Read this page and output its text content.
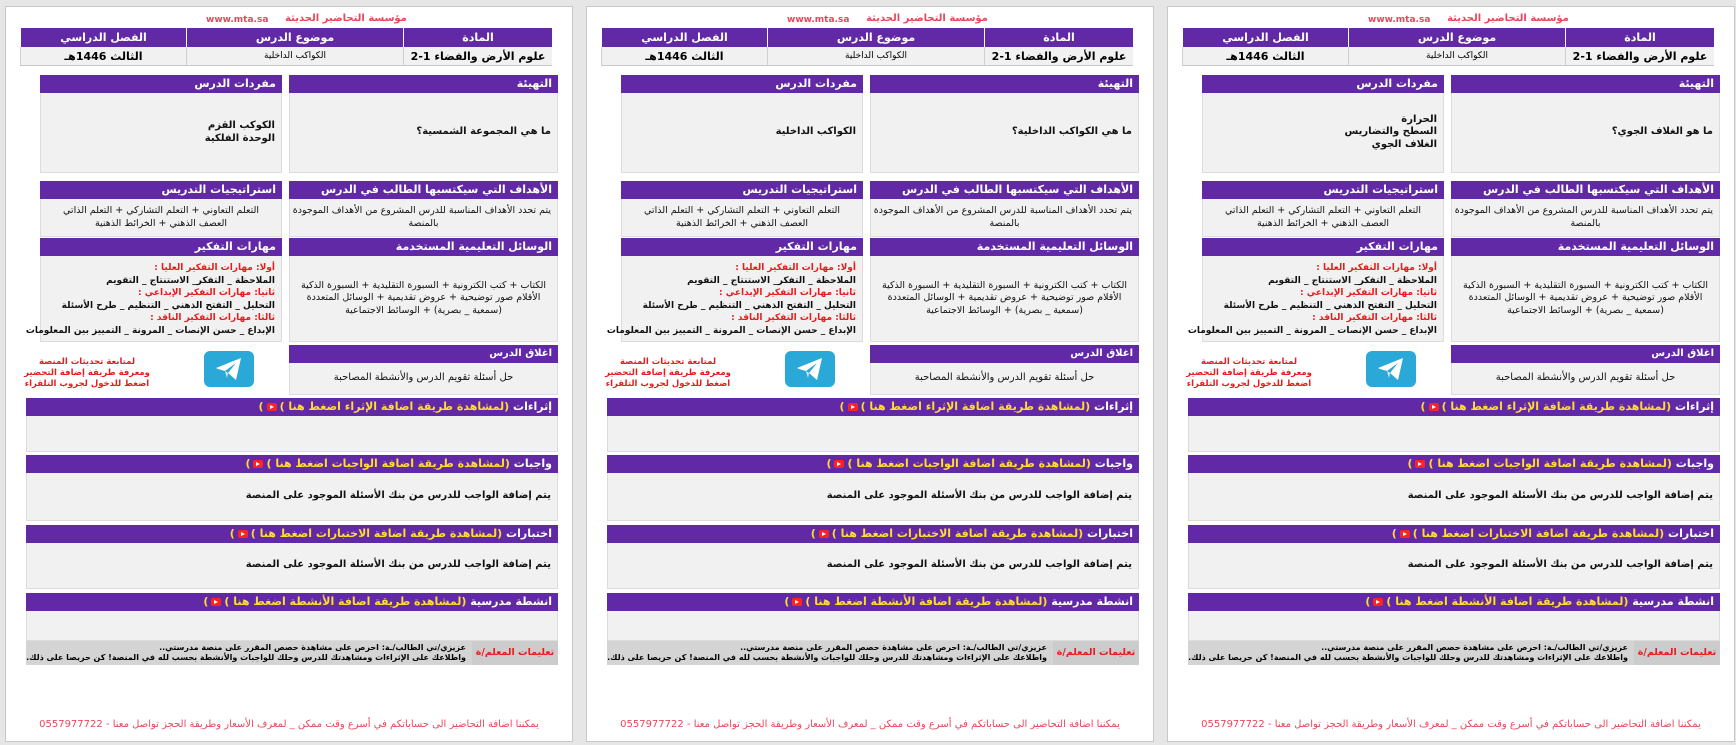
مؤسسة التحاضير الحديثة
www.mta.sa
المادة
موضوع الدرس
الفصل الدراسي
علوم الأرض والفضاء 1-2
الكواكب الداخلية
الثالث 1446هـ
التهيئة
ما هي المجموعة الشمسية؟
مفردات الدرس
الكوكب القزم
الوحدة الفلكية
الأهداف التي سيكتسبها الطالب في الدرس
يتم تحدد الأهداف المناسبة للدرس المشروع من الأهداف الموجودة
بالمنصة
استراتيجيات التدريس
التعلم التعاوني + التعلم التشاركي + التعلم الذاتي
العصف الذهني + الخرائط الذهنية
الوسائل التعليمية المستخدمة
الكتاب + كتب الكترونية + السبورة التقليدية + السبورة الذكية
الأقلام صور توضيحية + عروض تقديمية + الوسائل المتعددة
(سمعية _ بصرية) + الوسائط الاجتماعية
مهارات التفكير
أولا: مهارات التفكير العليا :
الملاحظة _ التفكر_ الاستنتاج _ التقويم
ثانيا: مهارات التفكير الإبداعي :
التحليل _ التفتح الذهني _ التنظيم _ طرح الأسئلة
ثالثا: مهارات التفكير الناقد :
الإبداع _ حسن الإنصات _ المرونة _ التمييز بين المعلومات
اغلاق الدرس
حل أسئلة تقويم الدرس والأنشطة المصاحبة
لمتابعة تحديثات المنصة
ومعرفة طريقة إضافة التحضير
اضغط للدخول لجروب التلقراء
إثراءات (لمشاهدة طريقة اضافة الإثراء اضغط هنا ))
واجبات (لمشاهدة طريقة اضافة الواجبات اضغط هنا ))
يتم إضافة الواجب للدرس من بنك الأسئلة الموجود على المنصة
اختبارات (لمشاهدة طريقة اضافة الاختبارات اضغط هنا ))
يتم إضافة الواجب للدرس من بنك الأسئلة الموجود على المنصة
انشطة مدرسية (لمشاهدة طريقة اضافة الأنشطة اضغط هنا ))
تعليمات المعلم/ة
عزيزي/تي الطالب/ـة: احرص على مشاهدة حصص المقرر على منصة مدرستي..
واطلاعك على الإثراءات ومشاهدتك للدرس وحلك للواجبات والأنشطة بحسب لله في المنصة! كن حريصا على ذلك.
يمكننا اضافة التحاضير الى حساباتكم في أسرع وقت ممكن _ لمعرف الأسعار وطريقة الحجز تواصل معنا - 0557977722
مؤسسة التحاضير الحديثة
www.mta.sa
المادة
موضوع الدرس
الفصل الدراسي
علوم الأرض والفضاء 1-2
الكواكب الداخلية
الثالث 1446هـ
التهيئة
ما هي الكواكب الداخلية؟
مفردات الدرس
الكواكب الداخلية
الأهداف التي سيكتسبها الطالب في الدرس
يتم تحدد الأهداف المناسبة للدرس المشروع من الأهداف الموجودة
بالمنصة
استراتيجيات التدريس
التعلم التعاوني + التعلم التشاركي + التعلم الذاتي
العصف الذهني + الخرائط الذهنية
الوسائل التعليمية المستخدمة
الكتاب + كتب الكترونية + السبورة التقليدية + السبورة الذكية
الأقلام صور توضيحية + عروض تقديمية + الوسائل المتعددة
(سمعية _ بصرية) + الوسائط الاجتماعية
مهارات التفكير
أولا: مهارات التفكير العليا :
الملاحظة _ التفكر_ الاستنتاج _ التقويم
ثانيا: مهارات التفكير الإبداعي :
التحليل _ التفتح الذهني _ التنظيم _ طرح الأسئلة
ثالثا: مهارات التفكير الناقد :
الإبداع _ حسن الإنصات _ المرونة _ التمييز بين المعلومات
اغلاق الدرس
حل أسئلة تقويم الدرس والأنشطة المصاحبة
لمتابعة تحديثات المنصة
ومعرفة طريقة إضافة التحضير
اضغط للدخول لجروب التلقراء
إثراءات (لمشاهدة طريقة اضافة الإثراء اضغط هنا ))
واجبات (لمشاهدة طريقة اضافة الواجبات اضغط هنا ))
يتم إضافة الواجب للدرس من بنك الأسئلة الموجود على المنصة
اختبارات (لمشاهدة طريقة اضافة الاختبارات اضغط هنا ))
يتم إضافة الواجب للدرس من بنك الأسئلة الموجود على المنصة
انشطة مدرسية (لمشاهدة طريقة اضافة الأنشطة اضغط هنا ))
تعليمات المعلم/ة
عزيزي/تي الطالب/ـة: احرص على مشاهدة حصص المقرر على منصة مدرستي..
واطلاعك على الإثراءات ومشاهدتك للدرس وحلك للواجبات والأنشطة بحسب لله في المنصة! كن حريصا على ذلك.
يمكننا اضافة التحاضير الى حساباتكم في أسرع وقت ممكن _ لمعرف الأسعار وطريقة الحجز تواصل معنا - 0557977722
مؤسسة التحاضير الحديثة
www.mta.sa
المادة
موضوع الدرس
الفصل الدراسي
علوم الأرض والفضاء 1-2
الكواكب الداخلية
الثالث 1446هـ
التهيئة
ما هو الغلاف الجوي؟
مفردات الدرس
الحرارة
السطح والتضاريس
الغلاف الجوي
الأهداف التي سيكتسبها الطالب في الدرس
يتم تحدد الأهداف المناسبة للدرس المشروع من الأهداف الموجودة
بالمنصة
استراتيجيات التدريس
التعلم التعاوني + التعلم التشاركي + التعلم الذاتي
العصف الذهني + الخرائط الذهنية
الوسائل التعليمية المستخدمة
الكتاب + كتب الكترونية + السبورة التقليدية + السبورة الذكية
الأقلام صور توضيحية + عروض تقديمية + الوسائل المتعددة
(سمعية _ بصرية) + الوسائط الاجتماعية
مهارات التفكير
أولا: مهارات التفكير العليا :
الملاحظة _ التفكر_ الاستنتاج _ التقويم
ثانيا: مهارات التفكير الإبداعي :
التحليل _ التفتح الذهني _ التنظيم _ طرح الأسئلة
ثالثا: مهارات التفكير الناقد :
الإبداع _ حسن الإنصات _ المرونة _ التمييز بين المعلومات
اغلاق الدرس
حل أسئلة تقويم الدرس والأنشطة المصاحبة
لمتابعة تحديثات المنصة
ومعرفة طريقة إضافة التحضير
اضغط للدخول لجروب التلقراء
إثراءات (لمشاهدة طريقة اضافة الإثراء اضغط هنا ))
واجبات (لمشاهدة طريقة اضافة الواجبات اضغط هنا ))
يتم إضافة الواجب للدرس من بنك الأسئلة الموجود على المنصة
اختبارات (لمشاهدة طريقة اضافة الاختبارات اضغط هنا ))
يتم إضافة الواجب للدرس من بنك الأسئلة الموجود على المنصة
انشطة مدرسية (لمشاهدة طريقة اضافة الأنشطة اضغط هنا ))
تعليمات المعلم/ة
عزيزي/تي الطالب/ـة: احرص على مشاهدة حصص المقرر على منصة مدرستي..
واطلاعك على الإثراءات ومشاهدتك للدرس وحلك للواجبات والأنشطة بحسب لله في المنصة! كن حريصا على ذلك.
يمكننا اضافة التحاضير الى حساباتكم في أسرع وقت ممكن _ لمعرف الأسعار وطريقة الحجز تواصل معنا - 0557977722
